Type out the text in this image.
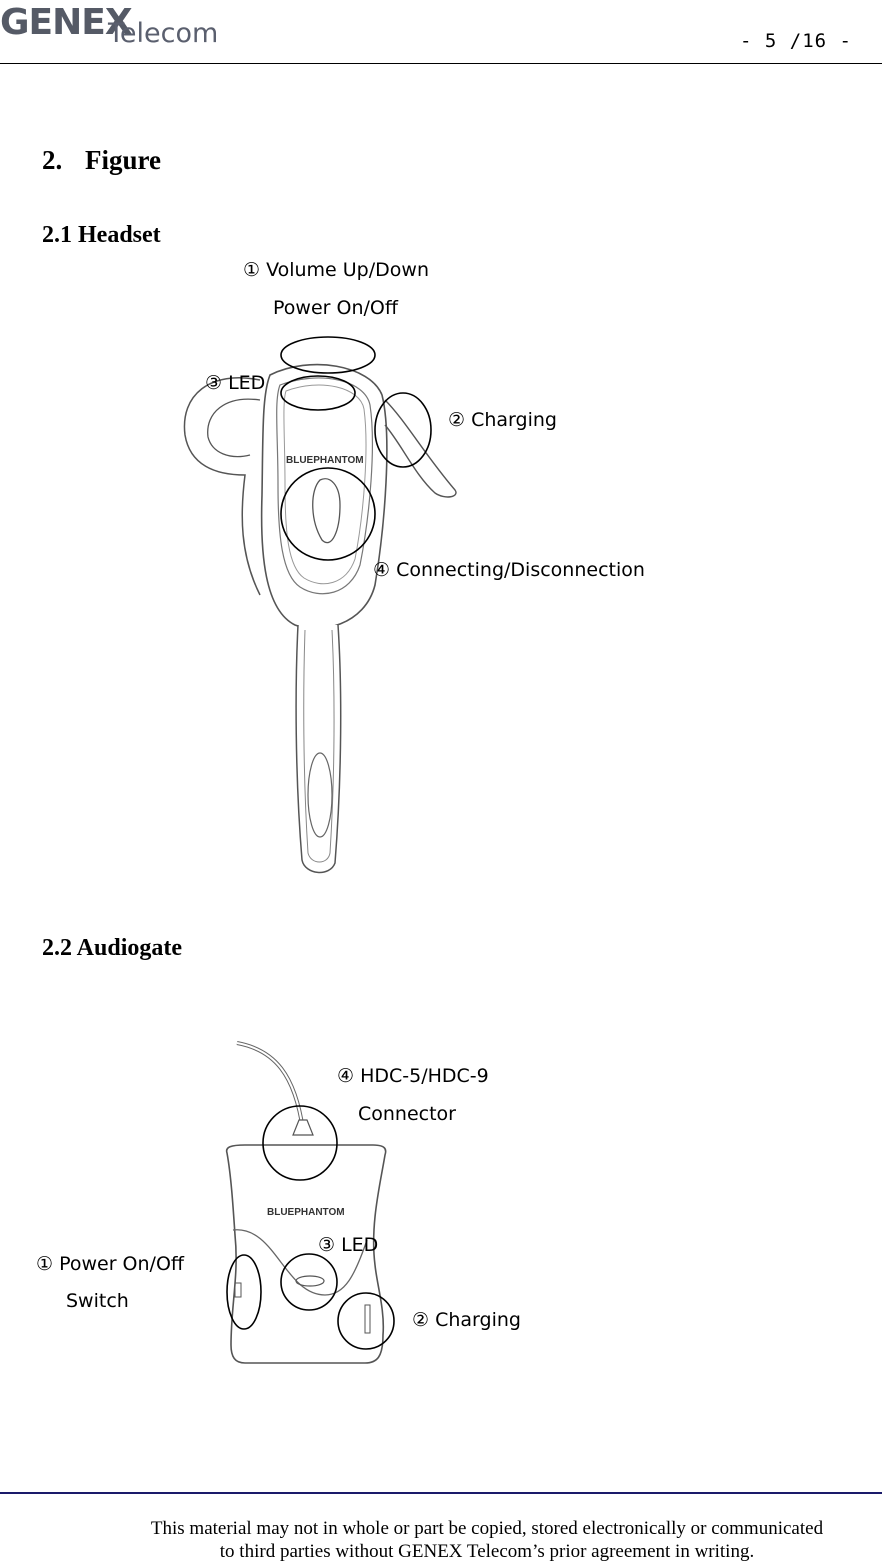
GENEX
Telecom	- 5 /16 -
2. Figure
2.1 Headset
BLUEPHANTOM
① Volume Up/Down
Power On/Off
③ LED
② Charging
④ Connecting/Disconnection
2.2 Audiogate
BLUEPHANTOM
④ HDC-5/HDC-9
Connector
③ LED
① Power On/Off
Switch
② Charging
This material may not in whole or part be copied, stored electronically or communicated
to third parties without GENEX Telecom’s prior agreement in writing.
